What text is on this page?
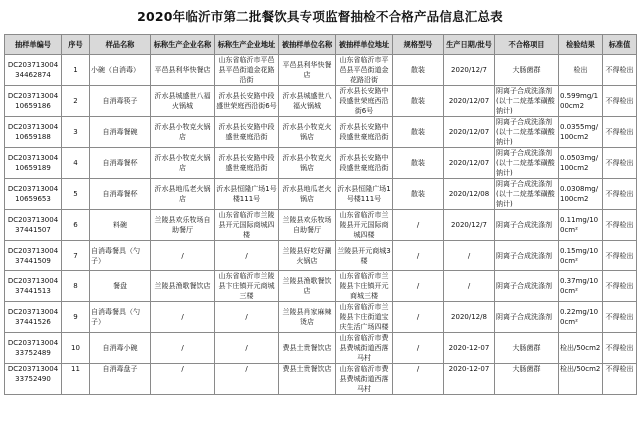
2020年临沂市第二批餐饮具专项监督抽检不合格产品信息汇总表
抽样单编号	序号	样品名称	标称生产企业名称	标称生产企业地址	被抽样单位名称	被抽样单位地址	规格型号	生产日期/批号	不合格项目	检验结果	标准值
DC203713004344628​74	1	小碗（自消毒）	平邑县利华快餐店	山东省临沂市平邑县平邑街道金花路沿街	平邑县利华快餐店	山东省临沂市平邑县平邑街道金花路沿街	散装	2020/12/7	大肠菌群	检出	不得检出
DC20371300410659186	2	自消毒筷子	沂水县城盛世八福火锅城	沂水县长安路中段盛世荣庭西沿街6号	沂水县城盛世八福火锅城	沂水县长安路中段盛世荣庭西沿街6号	散装	2020/12/07	阴离子合成洗涤剂(以十二烷基苯磺酸钠计)	0.599mg/100cm2	不得检出
DC20371300410659188	3	自消毒餐碗	沂水县小牧克火锅店	沂水县长安路中段盛世豪庭沿街	沂水县小牧克火锅店	沂水县长安路中段盛世豪庭沿街	散装	2020/12/07	阴离子合成洗涤剂(以十二烷基苯磺酸钠计)	0.0355mg/100cm2	不得检出
DC20371300410659189	4	自消毒餐杯	沂水县小牧克火锅店	沂水县长安路中段盛世豪庭沿街	沂水县小牧克火锅店	沂水县长安路中段盛世豪庭沿街	散装	2020/12/07	阴离子合成洗涤剂(以十二烷基苯磺酸钠计)	0.0503mg/100cm2	不得检出
DC20371300410659653	5	自消毒餐杯	沂水县地瓜老火锅店	沂水县恒隆广场1号楼111号	沂水县地瓜老火锅店	沂水县恒隆广场1号楼111号	散装	2020/12/08	阴离子合成洗涤剂(以十二烷基苯磺酸钠计)	0.0308mg/100cm2	不得检出
DC20371300437441507	6	料碗	兰陵县欢乐牧场自助餐厅	山东省临沂市兰陵县开元国际商城四楼	兰陵县欢乐牧场自助餐厅	山东省临沂市兰陵县开元国际商城四楼	/	2020/12/7	阴离子合成洗涤剂	0.11mg/100cm²	不得检出
DC20371300437441509	7	自消毒餐具（勺子）	/	/	兰陵县好吃好涮火锅店	兰陵县开元商城3楼	/	/	阴离子合成洗涤剂	0.15mg/100cm²	不得检出
DC20371300437441513	8	餐盘	兰陵县渔歌餐饮店	山东省临沂市兰陵县卞庄镇开元商城三楼	兰陵县渔歌餐饮店	山东省临沂市兰陵县卞庄镇开元商城三楼	/	/	阴离子合成洗涤剂	0.37mg/100cm²	不得检出
DC20371300437441526	9	自消毒餐具（勺子）	/	/	兰陵县肖家麻辣烫店	山东省临沂市兰陵县卞庄街道宝庆生活广场四楼	/	2020/12/8	阴离子合成洗涤剂	0.22mg/100cm²	不得检出
DC20371300433752489	10	自消毒小碗	/	/	费县土贵餐饮店	山东省临沂市费县费城街道西落马村	/	2020-12-07	大肠菌群	检出/50cm2	不得检出
DC20371300433752490	11	自消毒盘子	/	/	费县土贵餐饮店	山东省临沂市费县费城街道西落马村	/	2020-12-07	大肠菌群	检出/50cm2	不得检出
